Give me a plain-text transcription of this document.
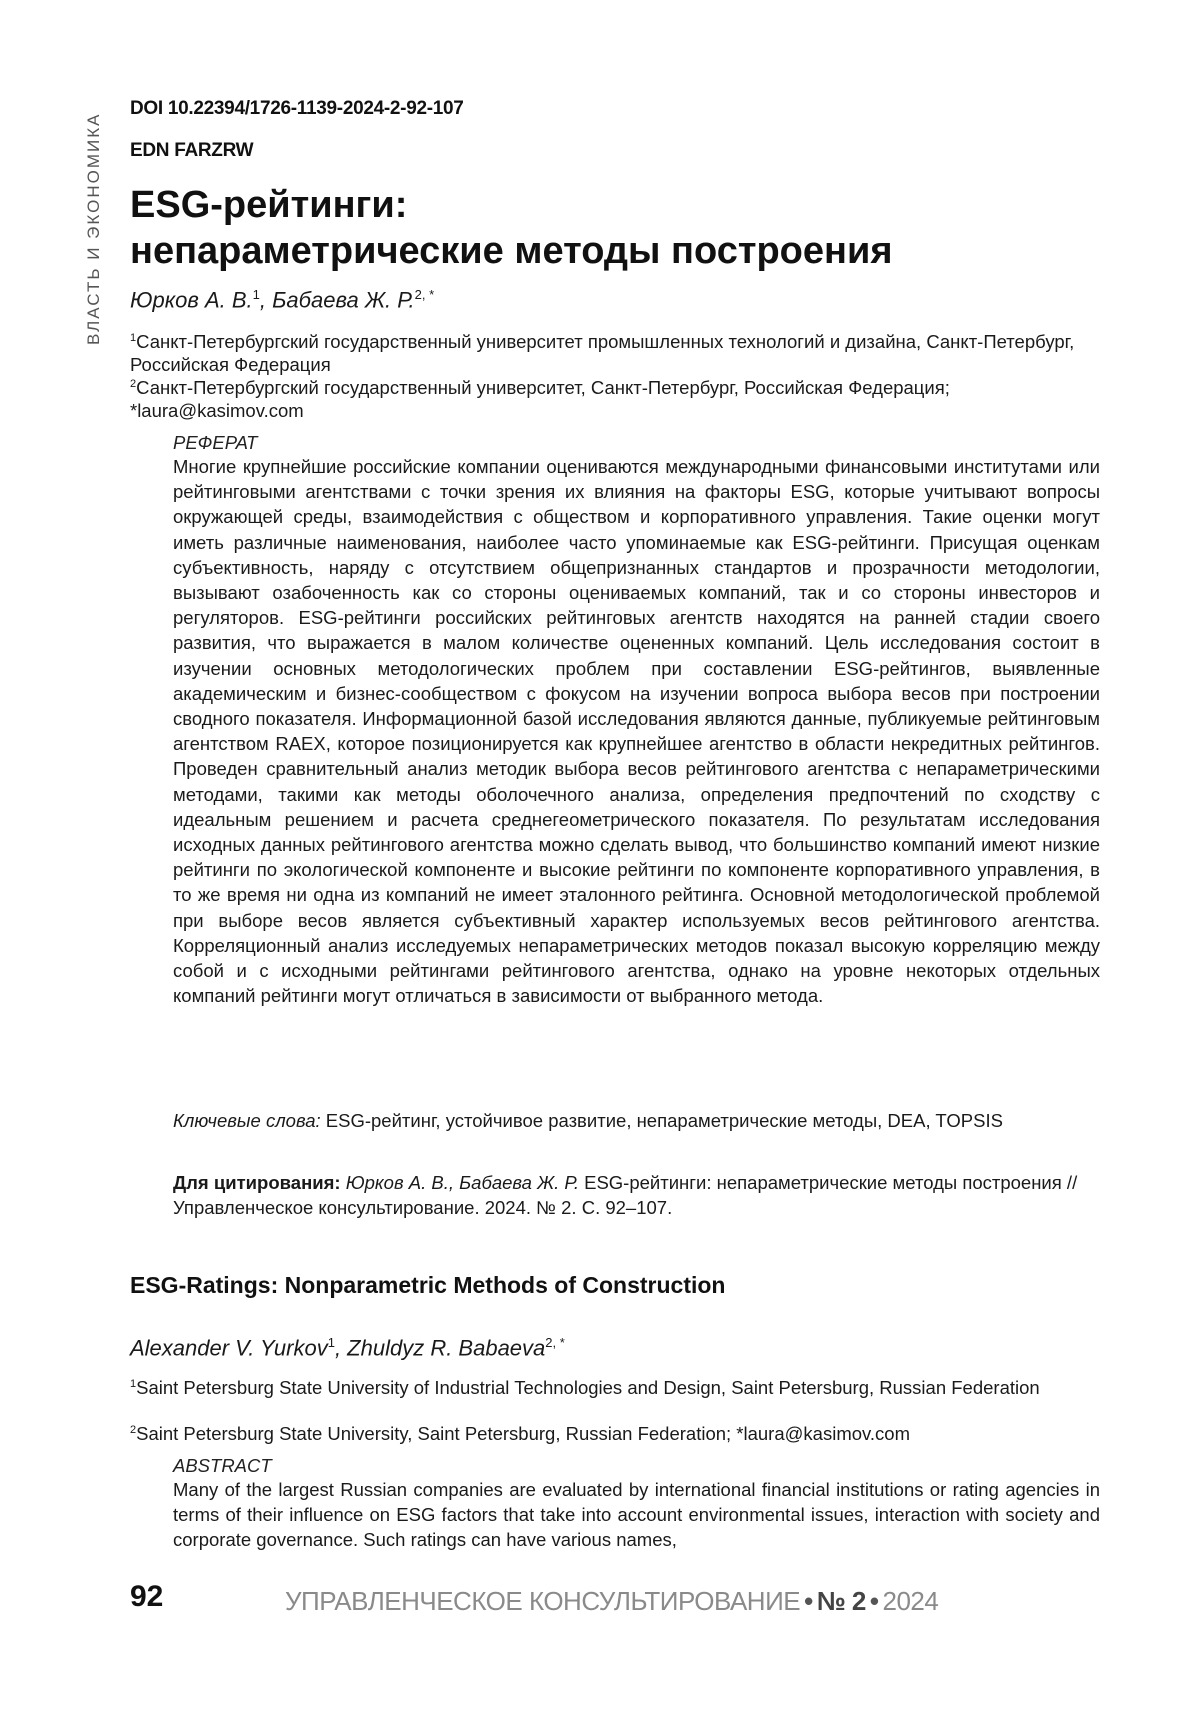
ВЛАСТЬ И ЭКОНОМИКА
DOI 10.22394/1726-1139-2024-2-92-107
EDN FARZRW
ESG-рейтинги:
непараметрические методы построения
Юрков А. В.1, Бабаева Ж. Р.2, *
1Санкт-Петербургский государственный университет промышленных технологий и дизайна, Санкт-Петербург, Российская Федерация
2Санкт-Петербургский государственный университет, Санкт-Петербург, Российская Федерация; *laura@kasimov.com
РЕФЕРАТ
Многие крупнейшие российские компании оцениваются международными финансовыми институтами или рейтинговыми агентствами с точки зрения их влияния на факторы ESG, которые учитывают вопросы окружающей среды, взаимодействия с обществом и корпоративного управления. Такие оценки могут иметь различные наименования, наиболее часто упоминаемые как ESG-рейтинги. Присущая оценкам субъективность, наряду с отсутствием общепризнанных стандартов и прозрачности методологии, вызывают озабоченность как со стороны оцениваемых компаний, так и со стороны инвесторов и регуляторов. ESG-рейтинги российских рейтинговых агентств находятся на ранней стадии своего развития, что выражается в малом количестве оцененных компаний. Цель исследования состоит в изучении основных методологических проблем при составлении ESG-рейтингов, выявленные академическим и бизнес-сообществом с фокусом на изучении вопроса выбора весов при построении сводного показателя. Информационной базой исследования являются данные, публикуемые рейтинговым агентством RAEX, которое позиционируется как крупнейшее агентство в области некредитных рейтингов. Проведен сравнительный анализ методик выбора весов рейтингового агентства с непараметрическими методами, такими как методы оболочечного анализа, определения предпочтений по сходству с идеальным решением и расчета среднегеометрического показателя. По результатам исследования исходных данных рейтингового агентства можно сделать вывод, что большинство компаний имеют низкие рейтинги по экологической компоненте и высокие рейтинги по компоненте корпоративного управления, в то же время ни одна из компаний не имеет эталонного рейтинга. Основной методологической проблемой при выборе весов является субъективный характер используемых весов рейтингового агентства. Корреляционный анализ исследуемых непараметрических методов показал высокую корреляцию между собой и с исходными рейтингами рейтингового агентства, однако на уровне некоторых отдельных компаний рейтинги могут отличаться в зависимости от выбранного метода.
Ключевые слова: ESG-рейтинг, устойчивое развитие, непараметрические методы, DEA, TOPSIS
Для цитирования: Юрков А. В., Бабаева Ж. Р. ESG-рейтинги: непараметрические методы построения // Управленческое консультирование. 2024. № 2. С. 92–107.
ESG-Ratings: Nonparametric Methods of Construction
Alexander V. Yurkov1, Zhuldyz R. Babaeva2, *
1Saint Petersburg State University of Industrial Technologies and Design, Saint Petersburg, Russian Federation
2Saint Petersburg State University, Saint Petersburg, Russian Federation; *laura@kasimov.com
ABSTRACT
Many of the largest Russian companies are evaluated by international financial institutions or rating agencies in terms of their influence on ESG factors that take into account environmental issues, interaction with society and corporate governance. Such ratings can have various names,
92	УПРАВЛЕНЧЕСКОЕ КОНСУЛЬТИРОВАНИЕ • № 2 • 2024
